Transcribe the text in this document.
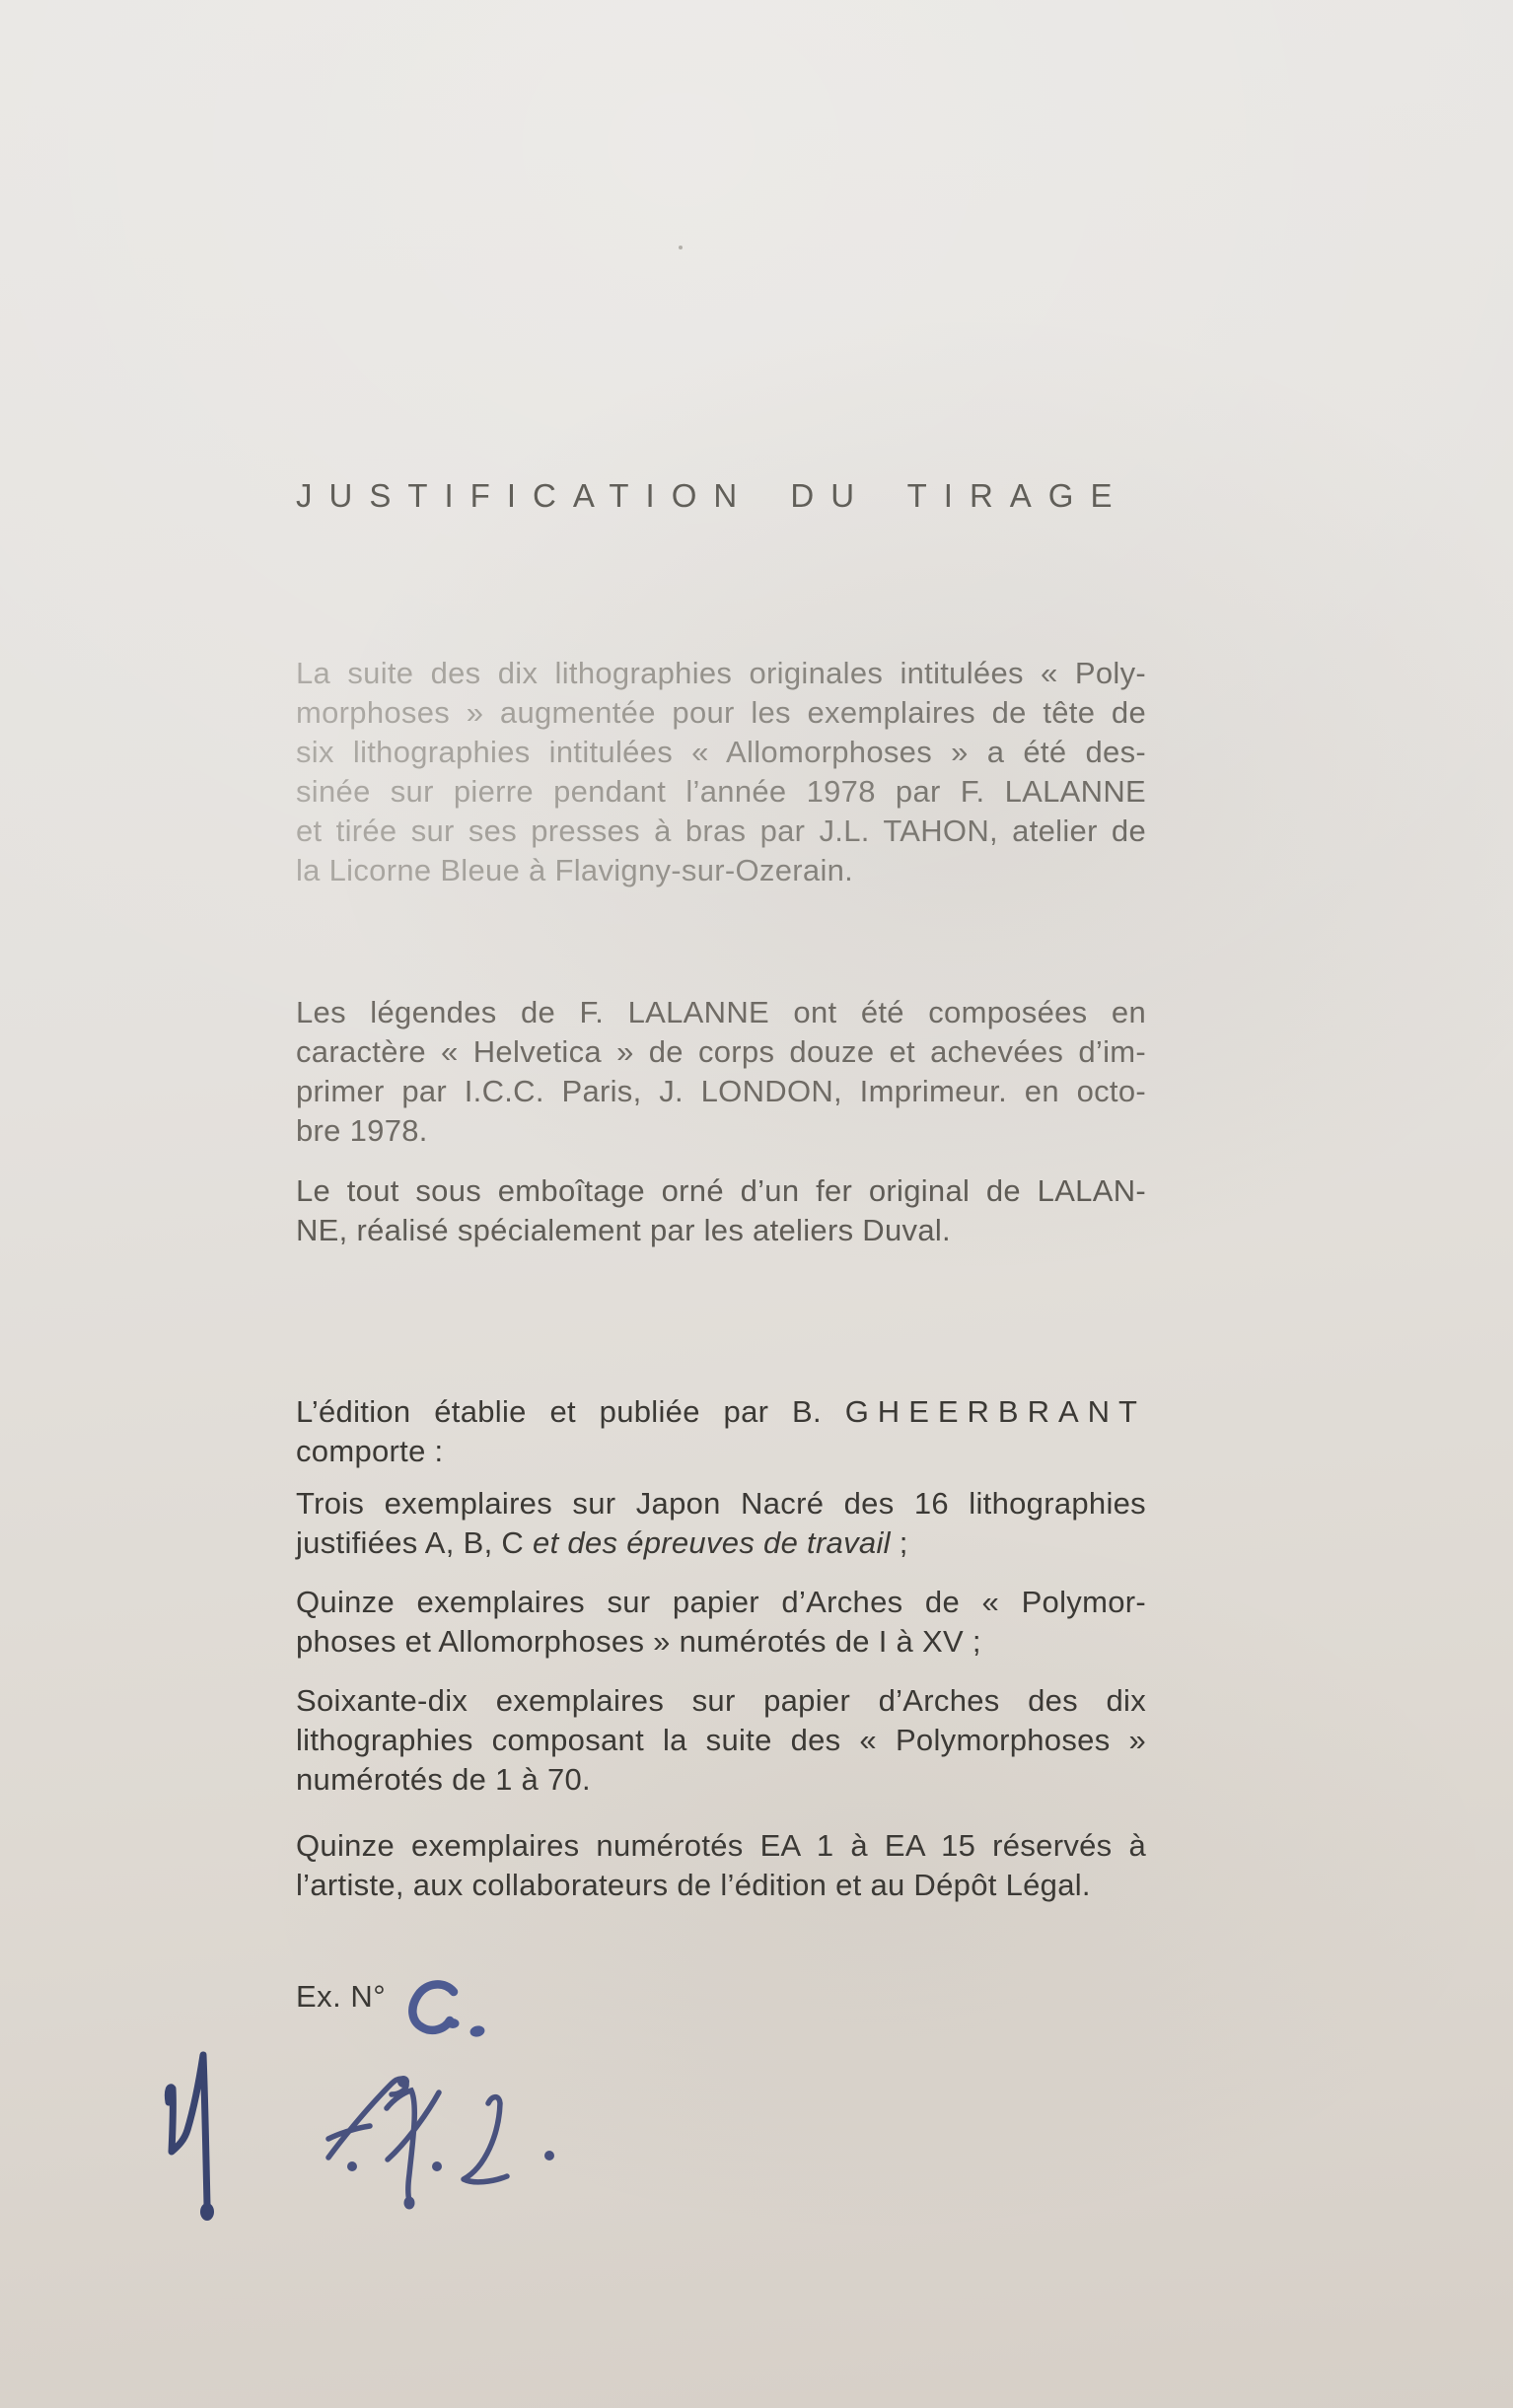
JUSTIFICATION DU TIRAGE
La suite des dix lithographies originales intitulées « Poly-
morphoses » augmentée pour les exemplaires de tête de
six lithographies intitulées « Allomorphoses » a été des-
sinée sur pierre pendant l’année 1978 par F. LALANNE
et tirée sur ses presses à bras par J.L. TAHON, atelier de
la Licorne Bleue à Flavigny-sur-Ozerain.
Les légendes de F. LALANNE ont été composées en
caractère « Helvetica » de corps douze et achevées d’im-
primer par I.C.C. Paris, J. LONDON, Imprimeur. en octo-
bre 1978.
Le tout sous emboîtage orné d’un fer original de LALAN-
NE, réalisé spécialement par les ateliers Duval.
L’édition établie et publiée par B. GHEERBRANT
comporte :
Trois exemplaires sur Japon Nacré des 16 lithographies
justifiées A, B, C et des épreuves de travail ;
Quinze exemplaires sur papier d’Arches de « Polymor-
phoses et Allomorphoses » numérotés de I à XV ;
Soixante-dix exemplaires sur papier d’Arches des dix
lithographies composant la suite des « Polymorphoses »
numérotés de 1 à 70.
Quinze exemplaires numérotés EA 1 à EA 15 réservés à
l’artiste, aux collaborateurs de l’édition et au Dépôt Légal.
Ex. N°
